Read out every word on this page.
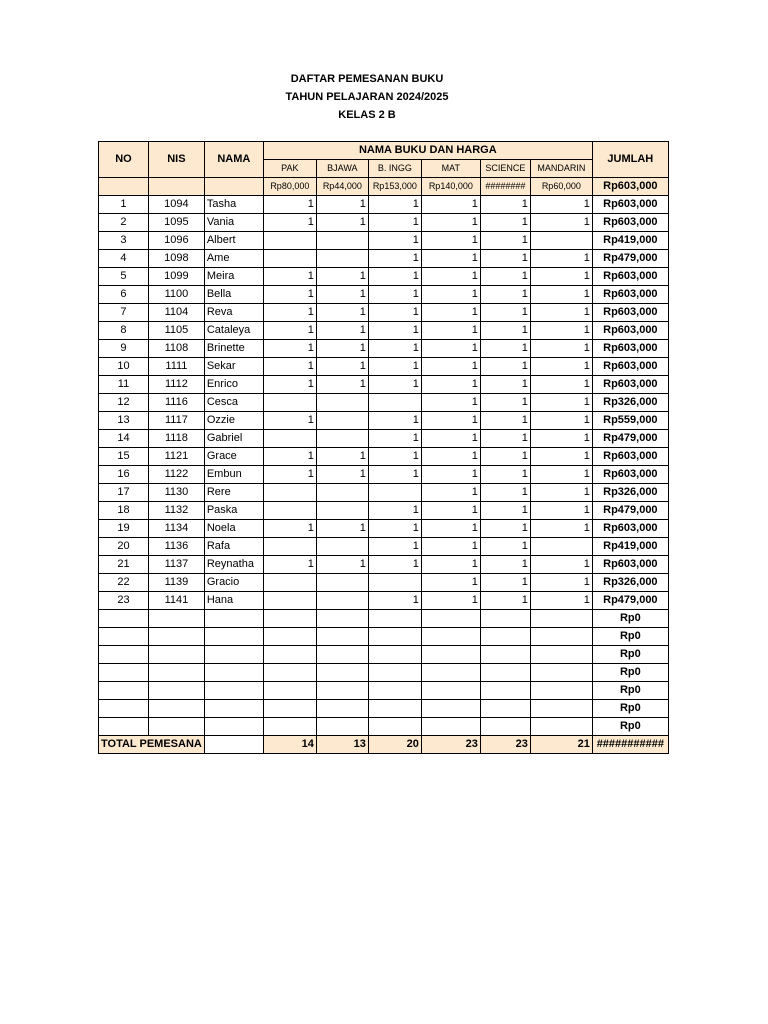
DAFTAR PEMESANAN BUKU
TAHUN PELAJARAN 2024/2025
KELAS 2 B
NO	NIS	NAMA	NAMA BUKU DAN HARGA						JUMLAH
			PAK	BJAWA	B. INGG	MAT	SCIENCE	MANDARIN	
			Rp80,000	Rp44,000	Rp153,000	Rp140,000	########	Rp60,000	Rp603,000
1	1094	Tasha	1	1	1	1	1	1	Rp603,000
2	1095	Vania	1	1	1	1	1	1	Rp603,000
3	1096	Albert			1	1	1		Rp419,000
4	1098	Ame			1	1	1	1	Rp479,000
5	1099	Meira	1	1	1	1	1	1	Rp603,000
6	1100	Bella	1	1	1	1	1	1	Rp603,000
7	1104	Reva	1	1	1	1	1	1	Rp603,000
8	1105	Cataleya	1	1	1	1	1	1	Rp603,000
9	1108	Brinette	1	1	1	1	1	1	Rp603,000
10	1111	Sekar	1	1	1	1	1	1	Rp603,000
11	1112	Enrico	1	1	1	1	1	1	Rp603,000
12	1116	Cesca				1	1	1	Rp326,000
13	1117	Ozzie	1		1	1	1	1	Rp559,000
14	1118	Gabriel			1	1	1	1	Rp479,000
15	1121	Grace	1	1	1	1	1	1	Rp603,000
16	1122	Embun	1	1	1	1	1	1	Rp603,000
17	1130	Rere				1	1	1	Rp326,000
18	1132	Paska			1	1	1	1	Rp479,000
19	1134	Noela	1	1	1	1	1	1	Rp603,000
20	1136	Rafa			1	1	1		Rp419,000
21	1137	Reynatha	1	1	1	1	1	1	Rp603,000
22	1139	Gracio				1	1	1	Rp326,000
23	1141	Hana			1	1	1	1	Rp479,000
									Rp0
									Rp0
									Rp0
									Rp0
									Rp0
									Rp0
									Rp0
TOTAL PEMESANA			14	13	20	23	23	21	###########
